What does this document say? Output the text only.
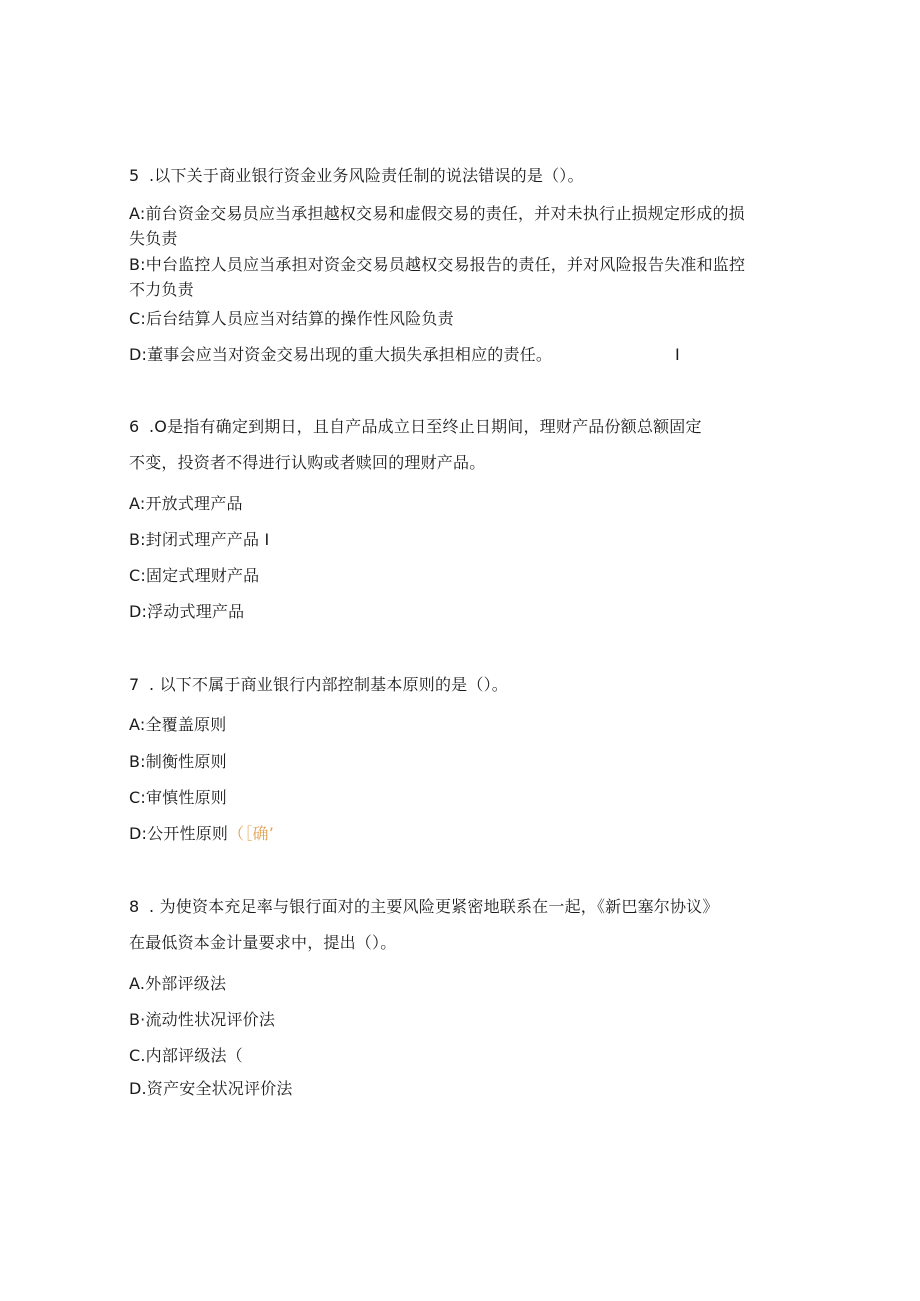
5 .以下关于商业银行资金业务风险责任制的说法错误的是（）。
A:前台资金交易员应当承担越权交易和虚假交易的责任，并对未执行止损规定形成的损
失负责
B:中台监控人员应当承担对资金交易员越权交易报告的责任，并对风险报告失准和监控
不力负责
C:后台结算人员应当对结算的操作性风险负责
D:董事会应当对资金交易出现的重大损失承担相应的责任。	I
6 .O是指有确定到期日，且自产品成立日至终止日期间，理财产品份额总额固定
不变，投资者不得进行认购或者赎回的理财产品。
A:开放式理产品
B:封闭式理产产品 I
C:固定式理财产品
D:浮动式理产品
7 . 以下不属于商业银行内部控制基本原则的是（）。
A:全覆盖原则
B:制衡性原则
C:审慎性原则
D:公开性原则（［确’
8 . 为使资本充足率与银行面对的主要风险更紧密地联系在一起，《新巴塞尔协议》
在最低资本金计量要求中，提出（）。
A.外部评级法
B·流动性状况评价法
C.内部评级法（
D.资产安全状况评价法
